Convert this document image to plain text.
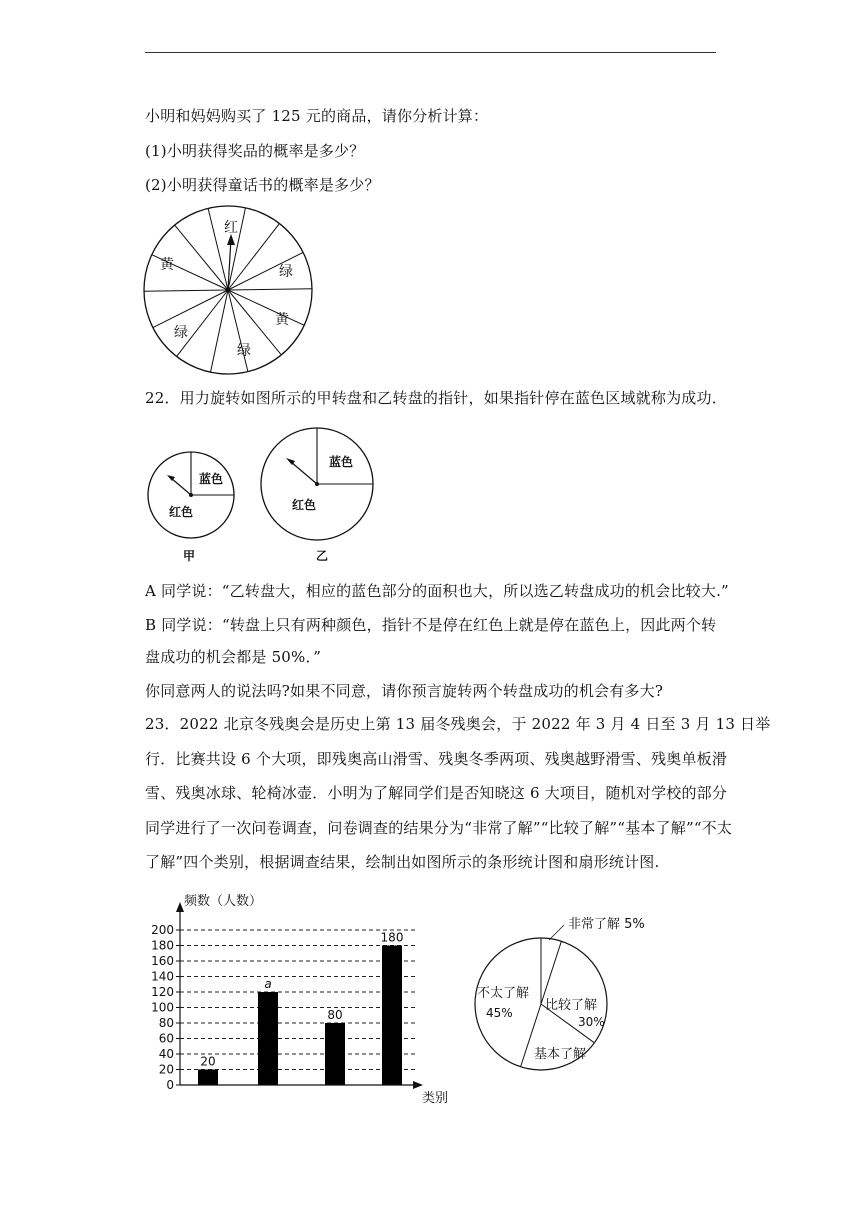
小明和妈妈购买了 125 元的商品，请你分析计算：
(1)小明获得奖品的概率是多少？
(2)小明获得童话书的概率是多少？
红
绿
黄
绿
绿
黄
22．用力旋转如图所示的甲转盘和乙转盘的指针，如果指针停在蓝色区域就称为成功．
蓝色
红色
甲
蓝色
红色
乙
A 同学说：“乙转盘大，相应的蓝色部分的面积也大，所以选乙转盘成功的机会比较大.”
B 同学说：“转盘上只有两种颜色，指针不是停在红色上就是停在蓝色上，因此两个转
盘成功的机会都是 50%．”
你同意两人的说法吗?如果不同意，请你预言旋转两个转盘成功的机会有多大?
23．2022 北京冬残奥会是历史上第 13 届冬残奥会，于 2022 年 3 月 4 日至 3 月 13 日举
行．比赛共设 6 个大项，即残奥高山滑雪、残奥冬季两项、残奥越野滑雪、残奥单板滑
雪、残奥冰球、轮椅冰壶．小明为了解同学们是否知晓这 6 大项目，随机对学校的部分
同学进行了一次问卷调查，问卷调查的结果分为“非常了解”“比较了解”“基本了解”“不太
了解”四个类别，根据调查结果，绘制出如图所示的条形统计图和扇形统计图.
0
20
40
60
80
100
120
140
160
180
200
20
a
80
180
频数（人数）
类别
非常了解 5%
比较了解
30%
基本了解
不太了解
45%
